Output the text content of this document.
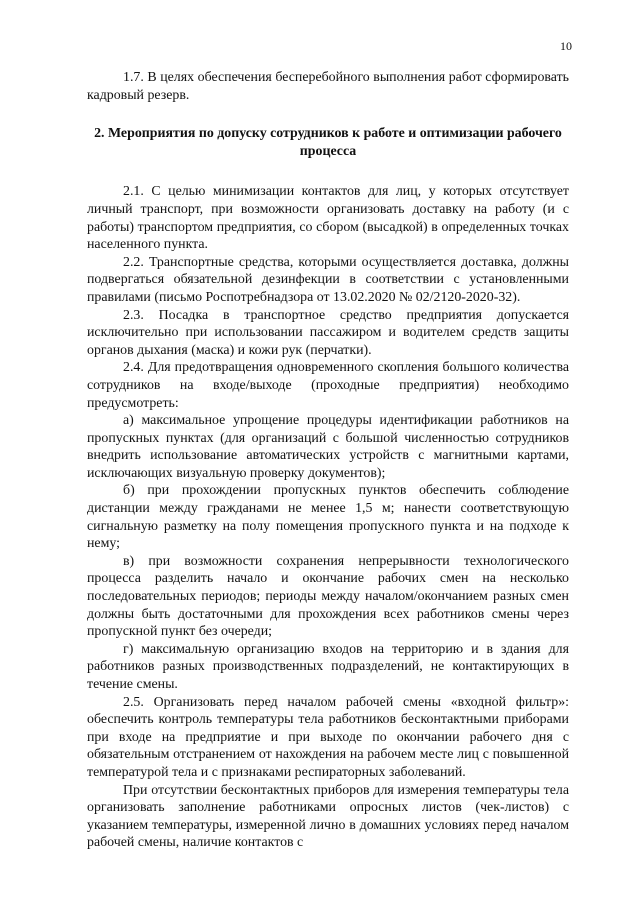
10

1.7. В целях обеспечения бесперебойного выполнения работ сформировать кадровый резерв.

2. Мероприятия по допуску сотрудников к работе и оптимизации рабочего процесса

2.1. С целью минимизации контактов для лиц, у которых отсутствует личный транспорт, при возможности организовать доставку на работу (и с работы) транспортом предприятия, со сбором (высадкой) в определенных точках населенного пункта.

2.2. Транспортные средства, которыми осуществляется доставка, должны подвергаться обязательной дезинфекции в соответствии с установленными правилами (письмо Роспотребнадзора от 13.02.2020 № 02/2120-2020-32).

2.3. Посадка в транспортное средство предприятия допускается исключительно при использовании пассажиром и водителем средств защиты органов дыхания (маска) и кожи рук (перчатки).

2.4. Для предотвращения одновременного скопления большого количества сотрудников на входе/выходе (проходные предприятия) необходимо предусмотреть:

а) максимальное упрощение процедуры идентификации работников на пропускных пунктах (для организаций с большой численностью сотрудников внедрить использование автоматических устройств с магнитными картами, исключающих визуальную проверку документов);

б) при прохождении пропускных пунктов обеспечить соблюдение дистанции между гражданами не менее 1,5 м; нанести соответствующую сигнальную разметку на полу помещения пропускного пункта и на подходе к нему;

в) при возможности сохранения непрерывности технологического процесса разделить начало и окончание рабочих смен на несколько последовательных периодов; периоды между началом/окончанием разных смен должны быть достаточными для прохождения всех работников смены через пропускной пункт без очереди;

г) максимальную организацию входов на территорию и в здания для работников разных производственных подразделений, не контактирующих в течение смены.

2.5. Организовать перед началом рабочей смены «входной фильтр»: обеспечить контроль температуры тела работников бесконтактными приборами при входе на предприятие и при выходе по окончании рабочего дня с обязательным отстранением от нахождения на рабочем месте лиц с повышенной температурой тела и с признаками респираторных заболеваний.

При отсутствии бесконтактных приборов для измерения температуры тела организовать заполнение работниками опросных листов (чек-листов) с указанием температуры, измеренной лично в домашних условиях перед началом рабочей смены, наличие контактов с
